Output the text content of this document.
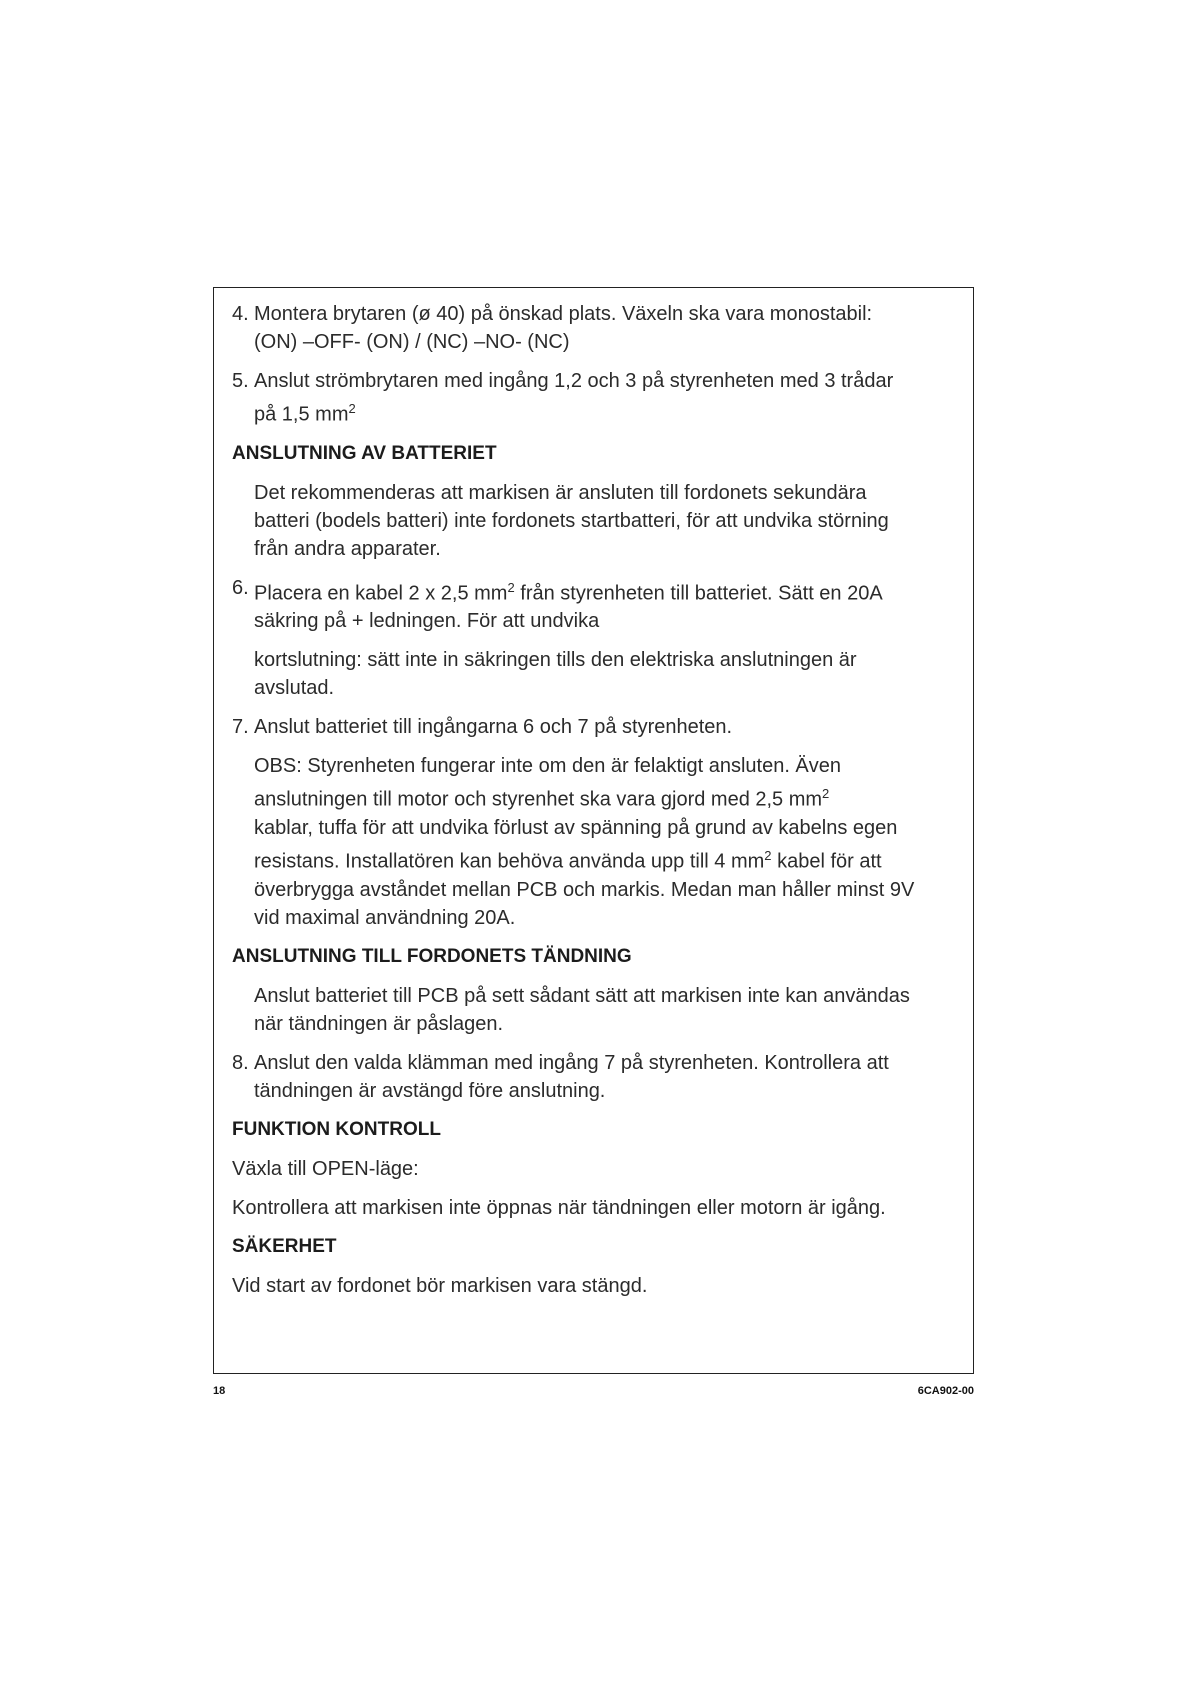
4. Montera brytaren (ø 40) på önskad plats. Växeln ska vara monostabil:
(ON) –OFF- (ON) / (NC) –NO- (NC)
5. Anslut strömbrytaren med ingång 1,2 och 3 på styrenheten med 3 trådar
på 1,5 $mm^2$
ANSLUTNING AV BATTERIET
Det rekommenderas att markisen är ansluten till fordonets sekundära
batteri (bodels batteri) inte fordonets startbatteri, för att undvika störning
från andra apparater.
6. Placera en kabel 2 x 2,5 $mm^2$ från styrenheten till batteriet. Sätt en 20A
säkring på + ledningen. För att undvika
kortslutning: sätt inte in säkringen tills den elektriska anslutningen är
avslutad.
7. Anslut batteriet till ingångarna 6 och 7 på styrenheten.
OBS: Styrenheten fungerar inte om den är felaktigt ansluten. Även
anslutningen till motor och styrenhet ska vara gjord med 2,5 $mm^2$
kablar, tuffa för att undvika förlust av spänning på grund av kabelns egen
resistans. Installatören kan behöva använda upp till 4 $mm^2$ kabel för att
överbrygga avståndet mellan PCB och markis. Medan man håller minst 9V
vid maximal användning 20A.
ANSLUTNING TILL FORDONETS TÄNDNING
Anslut batteriet till PCB på sett sådant sätt att markisen inte kan användas
när tändningen är påslagen.
8. Anslut den valda klämman med ingång 7 på styrenheten. Kontrollera att
tändningen är avstängd före anslutning.
FUNKTION KONTROLL
Växla till OPEN-läge:
Kontrollera att markisen inte öppnas när tändningen eller motorn är igång.
SÄKERHET
Vid start av fordonet bör markisen vara stängd.
18	6CA902-00
